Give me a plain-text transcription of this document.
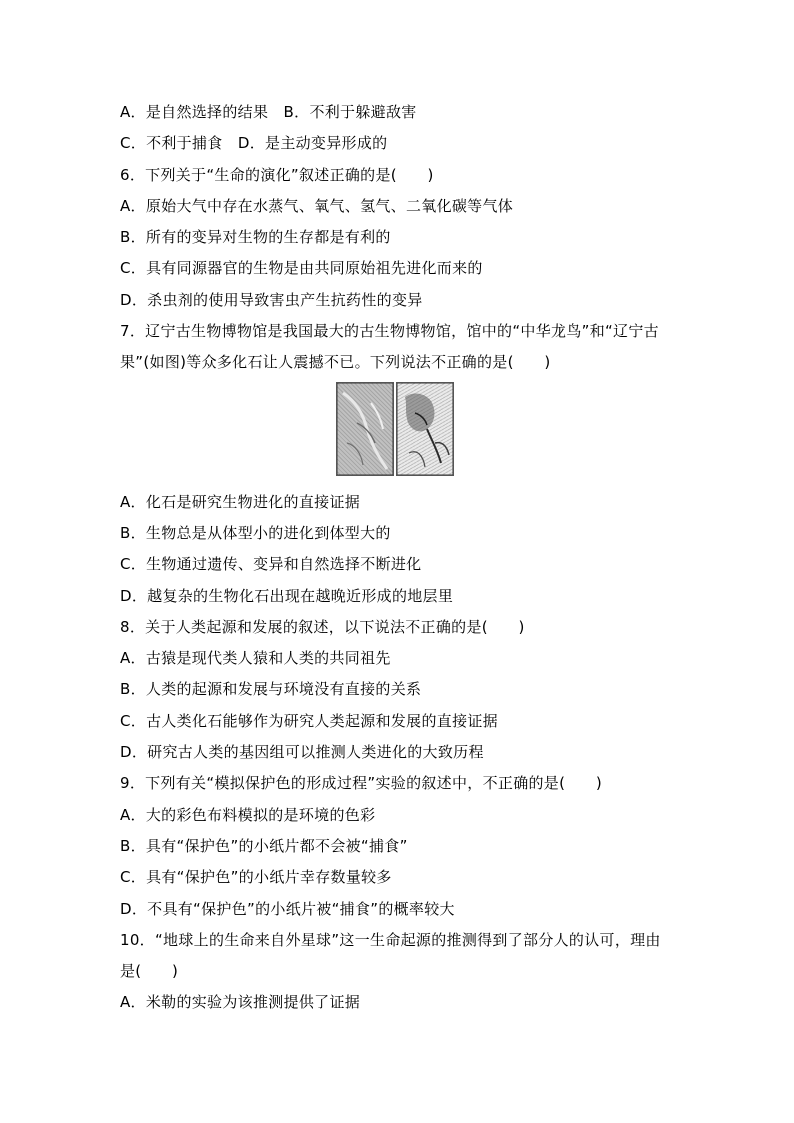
A．是自然选择的结果　B．不利于躲避敌害
C．不利于捕食　D．是主动变异形成的
6．下列关于“生命的演化”叙述正确的是(　　)
A．原始大气中存在水蒸气、氧气、氢气、二氧化碳等气体
B．所有的变异对生物的生存都是有利的
C．具有同源器官的生物是由共同原始祖先进化而来的
D．杀虫剂的使用导致害虫产生抗药性的变异
7．辽宁古生物博物馆是我国最大的古生物博物馆，馆中的“中华龙鸟”和“辽宁古
果”(如图)等众多化石让人震撼不已。下列说法不正确的是(　　)
A．化石是研究生物进化的直接证据
B．生物总是从体型小的进化到体型大的
C．生物通过遗传、变异和自然选择不断进化
D．越复杂的生物化石出现在越晚近形成的地层里
8．关于人类起源和发展的叙述，以下说法不正确的是(　　)
A．古猿是现代类人猿和人类的共同祖先
B．人类的起源和发展与环境没有直接的关系
C．古人类化石能够作为研究人类起源和发展的直接证据
D．研究古人类的基因组可以推测人类进化的大致历程
9．下列有关“模拟保护色的形成过程”实验的叙述中，不正确的是(　　)
A．大的彩色布料模拟的是环境的色彩
B．具有“保护色”的小纸片都不会被“捕食”
C．具有“保护色”的小纸片幸存数量较多
D．不具有“保护色”的小纸片被“捕食”的概率较大
10．“地球上的生命来自外星球”这一生命起源的推测得到了部分人的认可，理由
是(　　)
A．米勒的实验为该推测提供了证据
